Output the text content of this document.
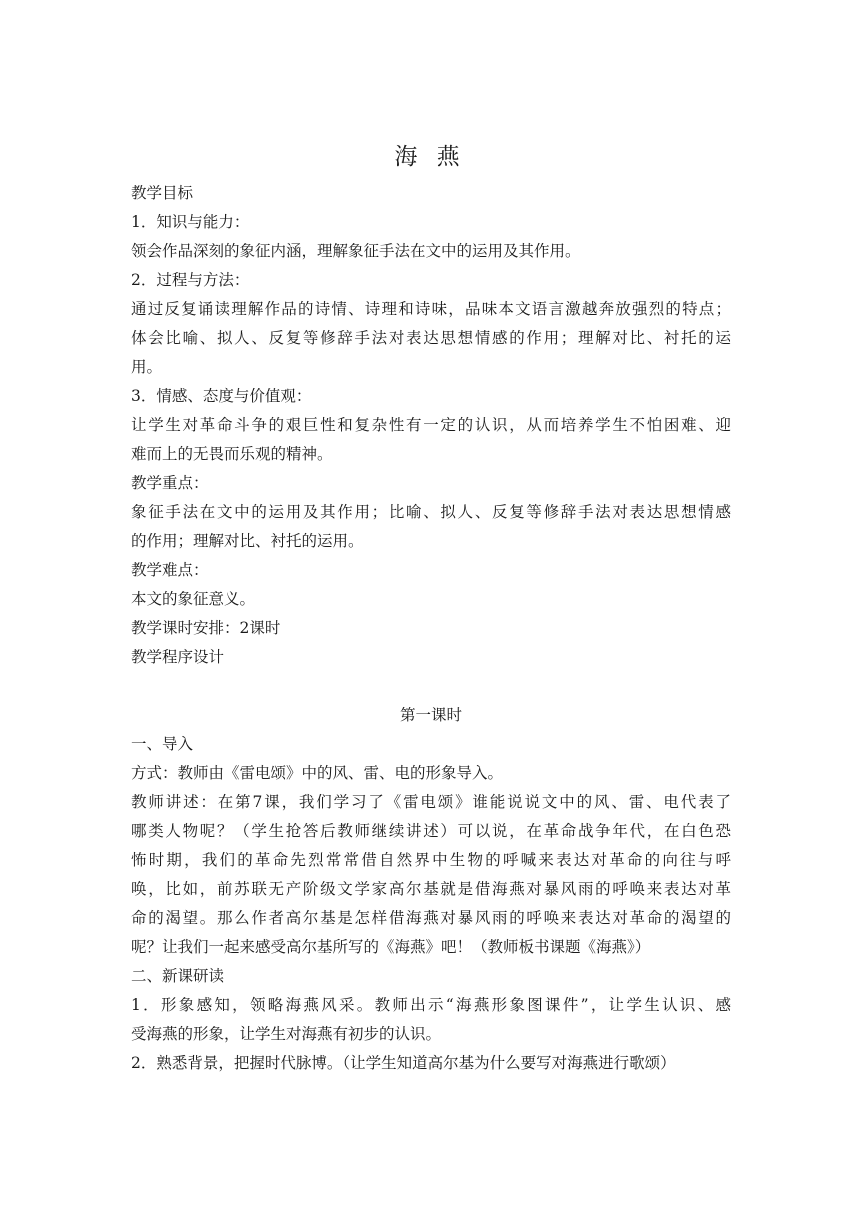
海 燕
教学目标
1．知识与能力：
领会作品深刻的象征内涵，理解象征手法在文中的运用及其作用。
2．过程与方法：
通过反复诵读理解作品的诗情、诗理和诗味，品味本文语言激越奔放强烈的特点；
体会比喻、拟人、反复等修辞手法对表达思想情感的作用；理解对比、衬托的运
用。
3．情感、态度与价值观：
让学生对革命斗争的艰巨性和复杂性有一定的认识，从而培养学生不怕困难、迎
难而上的无畏而乐观的精神。
教学重点：
象征手法在文中的运用及其作用；比喻、拟人、反复等修辞手法对表达思想情感
的作用；理解对比、衬托的运用。
教学难点：
本文的象征意义。
教学课时安排：2课时
教学程序设计
第一课时
一、导入
方式：教师由《雷电颂》中的风、雷、电的形象导入。
教师讲述：在第7课，我们学习了《雷电颂》谁能说说文中的风、雷、电代表了
哪类人物呢？（学生抢答后教师继续讲述）可以说，在革命战争年代，在白色恐
怖时期，我们的革命先烈常常借自然界中生物的呼喊来表达对革命的向往与呼
唤，比如，前苏联无产阶级文学家高尔基就是借海燕对暴风雨的呼唤来表达对革
命的渴望。那么作者高尔基是怎样借海燕对暴风雨的呼唤来表达对革命的渴望的
呢？让我们一起来感受高尔基所写的《海燕》吧！（教师板书课题《海燕》）
二、新课研读
1．形象感知，领略海燕风采。教师出示“海燕形象图课件”，让学生认识、感
受海燕的形象，让学生对海燕有初步的认识。
2．熟悉背景，把握时代脉博。（让学生知道高尔基为什么要写对海燕进行歌颂）
